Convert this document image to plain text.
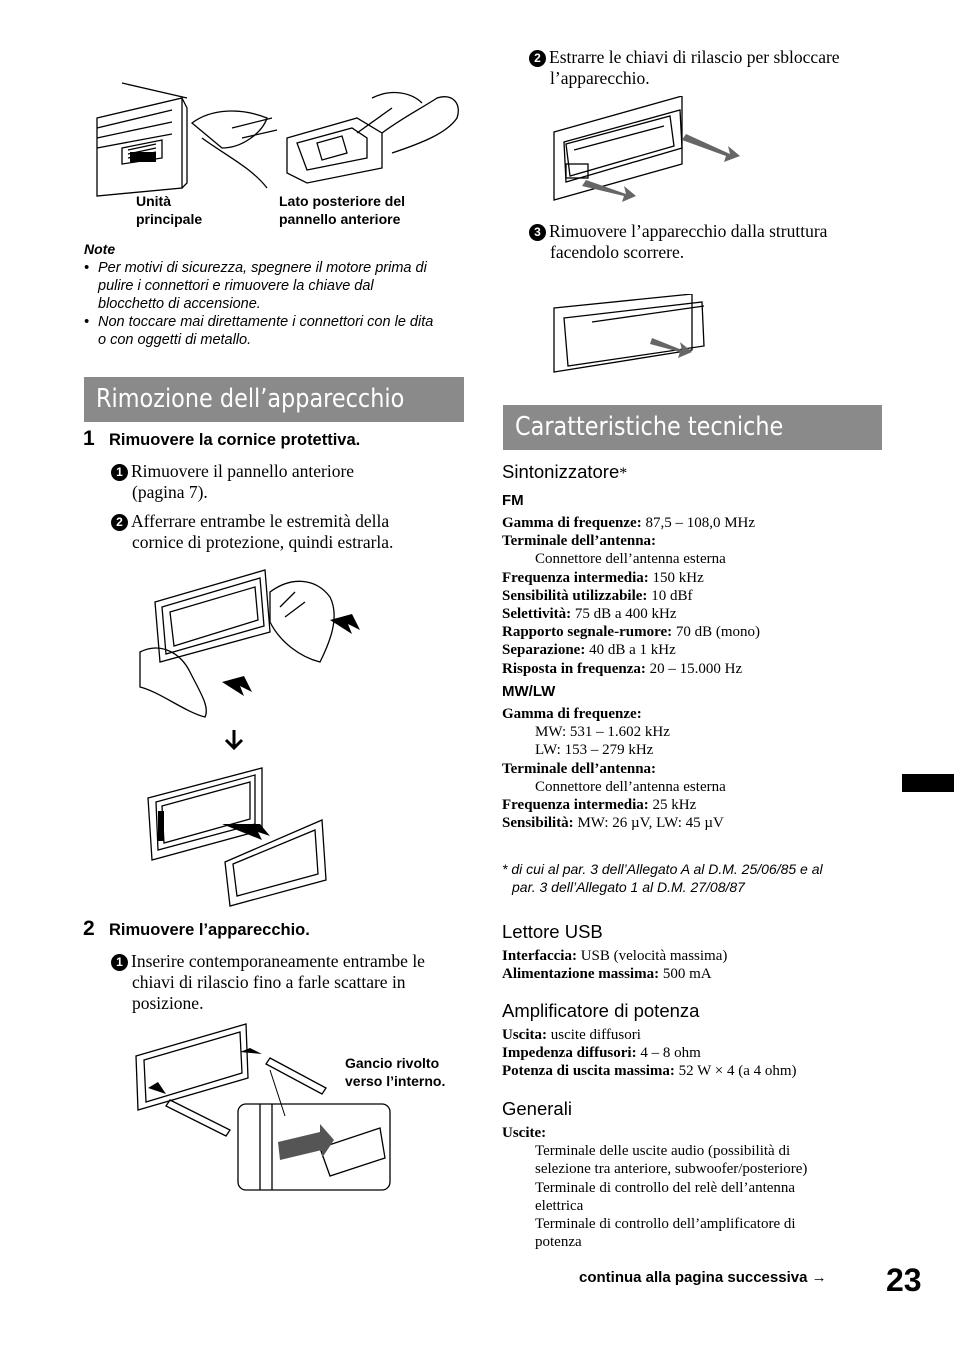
Unità
principale
Lato posteriore del
pannello anteriore
Note
• Per motivi di sicurezza, spegnere il motore prima di
pulire i connettori e rimuovere la chiave dal
blocchetto di accensione.
• Non toccare mai direttamente i connettori con le dita
o con oggetti di metallo.
Rimozione dell’apparecchio
1 Rimuovere la cornice protettiva.
1 Rimuovere il pannello anteriore
(pagina 7).
2 Afferrare entrambe le estremità della
cornice di protezione, quindi estrarla.
2 Rimuovere l’apparecchio.
1 Inserire contemporaneamente entrambe le
chiavi di rilascio fino a farle scattare in
posizione.
Gancio rivolto
verso l’interno.
2 Estrarre le chiavi di rilascio per sbloccare
l’apparecchio.
3 Rimuovere l’apparecchio dalla struttura
facendolo scorrere.
Caratteristiche tecniche
Sintonizzatore*
FM
Gamma di frequenze: 87,5 – 108,0 MHz
Terminale dell’antenna:
Connettore dell’antenna esterna
Frequenza intermedia: 150 kHz
Sensibilità utilizzabile: 10 dBf
Selettività: 75 dB a 400 kHz
Rapporto segnale-rumore: 70 dB (mono)
Separazione: 40 dB a 1 kHz
Risposta in frequenza: 20 – 15.000 Hz
MW/LW
Gamma di frequenze:
MW: 531 – 1.602 kHz
LW: 153 – 279 kHz
Terminale dell’antenna:
Connettore dell’antenna esterna
Frequenza intermedia: 25 kHz
Sensibilità: MW: 26 µV, LW: 45 µV
* di cui al par. 3 dell’Allegato A al D.M. 25/06/85 e al
par. 3 dell’Allegato 1 al D.M. 27/08/87
Lettore USB
Interfaccia: USB (velocità massima)
Alimentazione massima: 500 mA
Amplificatore di potenza
Uscita: uscite diffusori
Impedenza diffusori: 4 – 8 ohm
Potenza di uscita massima: 52 W × 4 (a 4 ohm)
Generali
Uscite:
Terminale delle uscite audio (possibilità di
selezione tra anteriore, subwoofer/posteriore)
Terminale di controllo del relè dell’antenna
elettrica
Terminale di controllo dell’amplificatore di
potenza
continua alla pagina successiva → 23
